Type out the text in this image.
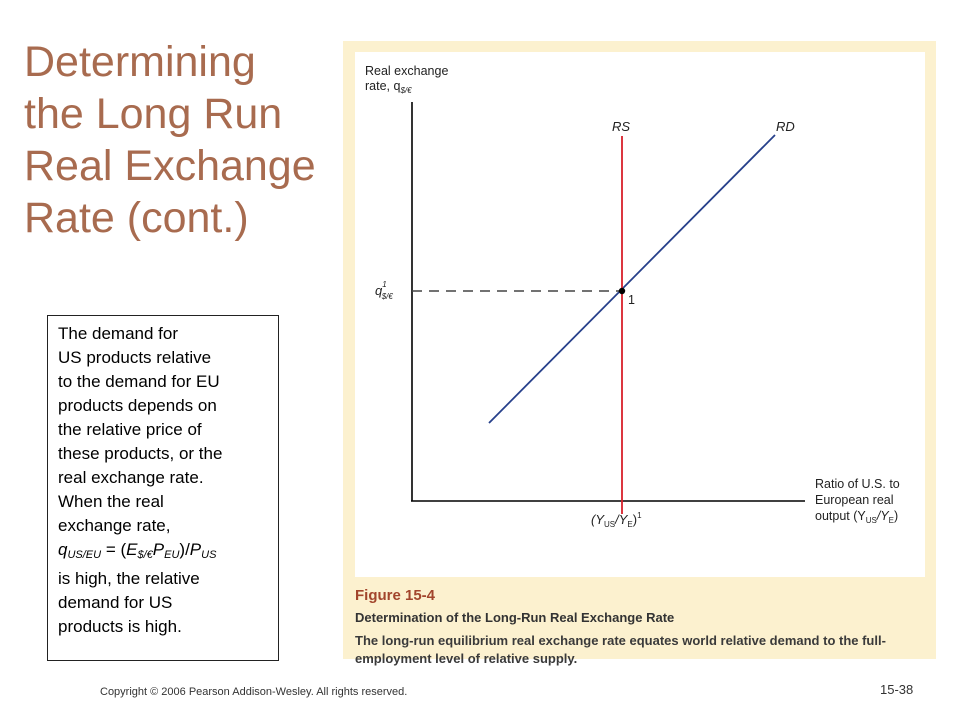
Determining
the Long Run
Real Exchange
Rate (cont.)
The demand for
US products relative
to the demand for EU
products depends on
the relative price of
these products, or the
real exchange rate.
When the real
exchange rate,
$q_{US/EU} = (E_{\$/€}P_{EU})/P_{US}$
is high, the relative
demand for US
products is high.
Real exchange
rate, $q_{\$/€}$
1
RS	RD
$q^1$ $/€
$(Y_{US}/Y_E)^1$
Ratio of U.S. to
European real
output $(Y_{US}/Y_E)$
Figure 15-4
Determination of the Long-Run Real Exchange Rate
The long-run equilibrium real exchange rate equates world relative demand to the full-employment level of relative supply.
Copyright © 2006 Pearson Addison-Wesley. All rights reserved.	15-38
